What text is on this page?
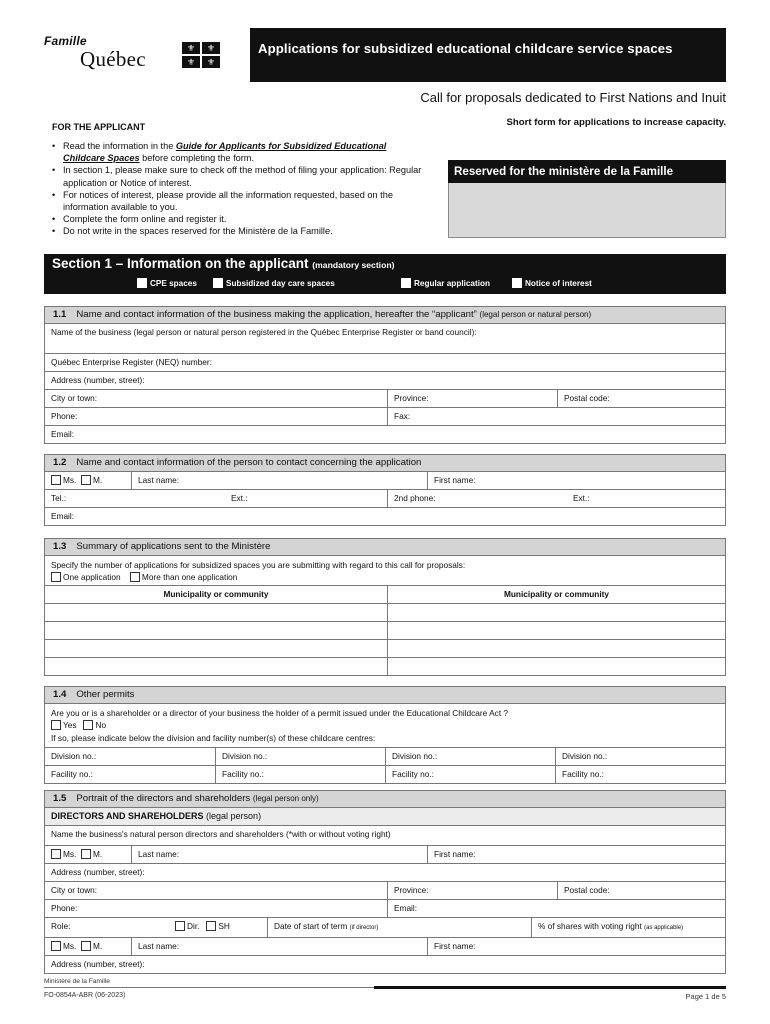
Famille
Québec	⚜	⚜
⚜	⚜
Applications for subsidized educational childcare service spaces
Call for proposals dedicated to First Nations and Inuit
Short form for applications to increase capacity.
FOR THE APPLICANT
• Read the information in the Guide for Applicants for Subsidized Educational Childcare Spaces before completing the form.
• In section 1, please make sure to check off the method of filing your application: Regular application or Notice of interest.
• For notices of interest, please provide all the information requested, based on the information available to you.
• Complete the form online and register it.
• Do not write in the spaces reserved for the Ministère de la Famille.
Reserved for the ministère de la Famille
Section 1 – Information on the applicant (mandatory section)
CPE spaces	Subsidized day care spaces	Regular application	Notice of interest
1.1 Name and contact information of the business making the application, hereafter the “applicant” (legal person or natural person)
Name of the business (legal person or natural person registered in the Québec Enterprise Register or band council):
Québec Enterprise Register (NEQ) number:
Address (number, street):
City or town:	Province:	Postal code:
Phone:	Fax:
Email:
1.2 Name and contact information of the person to contact concerning the application
Ms. M.	Last name:	First name:
Tel.:	Ext.:	2nd phone:	Ext.:
Email:
1.3 Summary of applications sent to the Ministère
Specify the number of applications for subsidized spaces you are submitting with regard to this call for proposals:
One application	More than one application
Municipality or community	Municipality or community
1.4 Other permits
Are you or is a shareholder or a director of your business the holder of a permit issued under the Educational Childcare Act ?
Yes No
If so, please indicate below the division and facility number(s) of these childcare centres:
Division no.:	Division no.:	Division no.:	Division no.:
Facility no.:	Facility no.:	Facility no.:	Facility no.:
1.5 Portrait of the directors and shareholders (legal person only)
DIRECTORS AND SHAREHOLDERS (legal person)
Name the business's natural person directors and shareholders (*with or without voting right)
Ms. M.	Last name:	First name:
Address (number, street):
City or town:	Province:	Postal code:
Phone:	Email:
Role:	Dir. SH	Date of start of term (if director)	% of shares with voting right (as applicable)
Ms. M.	Last name:	First name:
Address (number, street):
Ministère de la Famille
FO-0854A-ABR (06-2023)	Page 1 de 5
